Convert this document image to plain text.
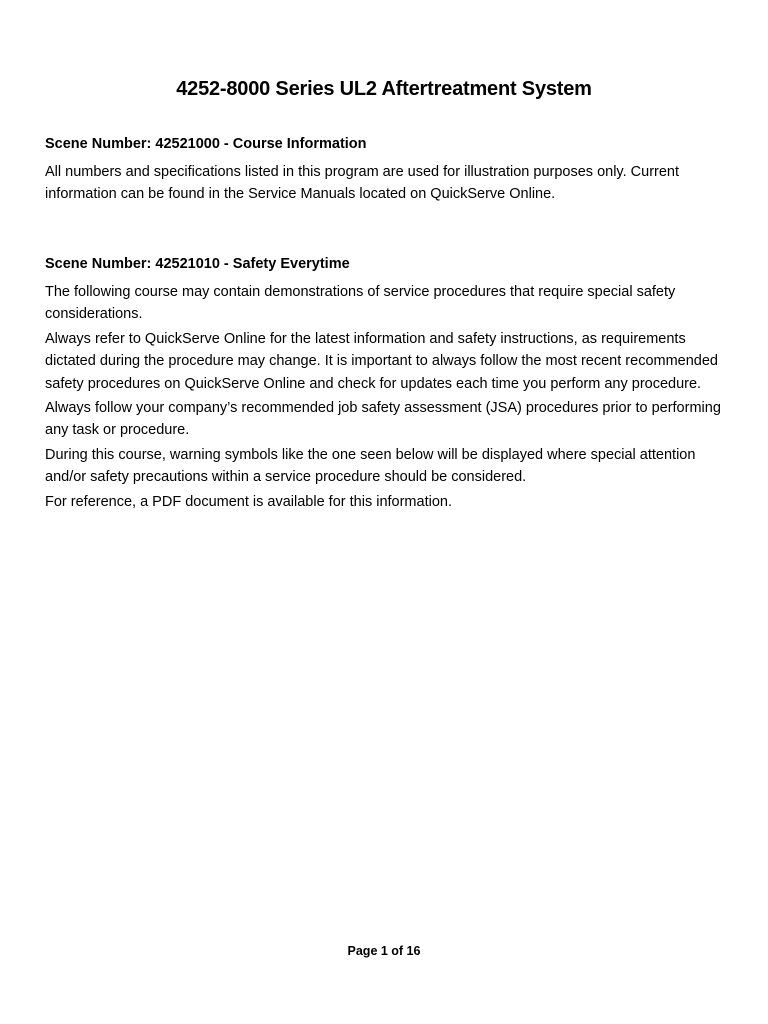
4252-8000 Series UL2 Aftertreatment System
Scene Number: 42521000 - Course Information
All numbers and specifications listed in this program are used for illustration purposes only. Current information can be found in the Service Manuals located on QuickServe Online.
Scene Number: 42521010 - Safety Everytime
The following course may contain demonstrations of service procedures that require special safety considerations.
Always refer to QuickServe Online for the latest information and safety instructions, as requirements dictated during the procedure may change. It is important to always follow the most recent recommended safety procedures on QuickServe Online and check for updates each time you perform any procedure.
Always follow your company’s recommended job safety assessment (JSA) procedures prior to performing any task or procedure.
During this course, warning symbols like the one seen below will be displayed where special attention and/or safety precautions within a service procedure should be considered.
For reference, a PDF document is available for this information.
Page 1 of 16
